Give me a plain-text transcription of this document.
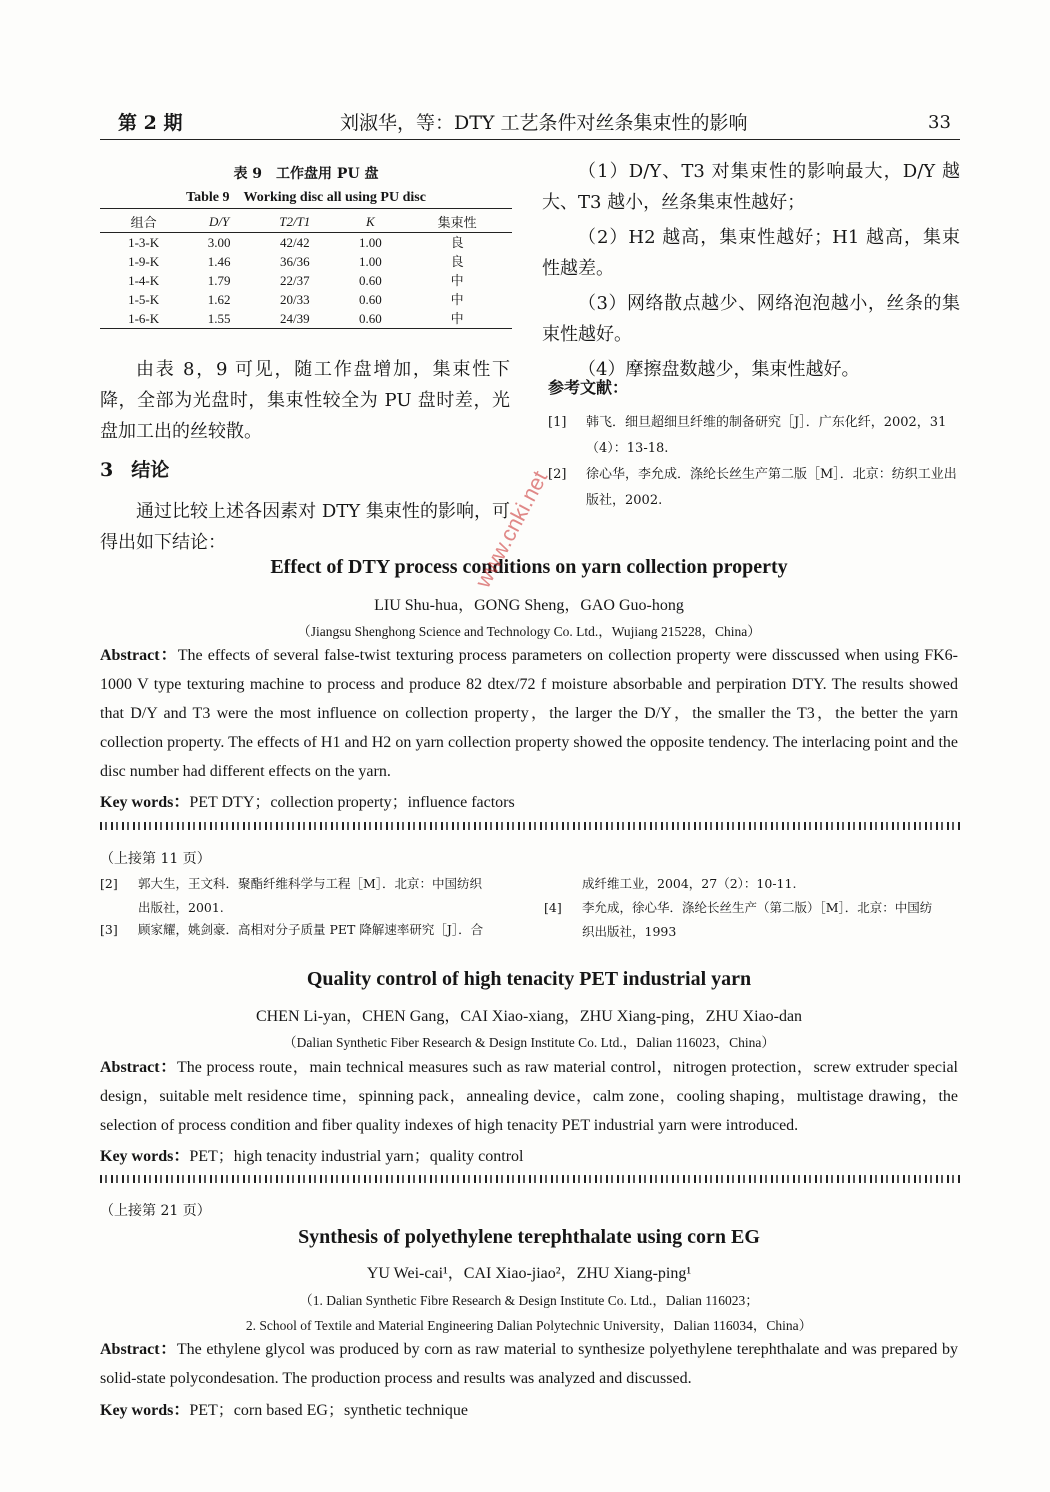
第 2 期	刘淑华，等：DTY 工艺条件对丝条集束性的影响	33
表 9　工作盘用 PU 盘
Table 9　Working disc all using PU disc
组合	D/Y	T2/T1	K	集束性
1-3-K	3.00	42/42	1.00	良
1-9-K	1.46	36/36	1.00	良
1-4-K	1.79	22/37	0.60	中
1-5-K	1.62	20/33	0.60	中
1-6-K	1.55	24/39	0.60	中
由表 8，9 可见，随工作盘增加，集束性下降，全部为光盘时，集束性较全为 PU 盘时差，光盘加工出的丝较散。
3 结论
通过比较上述各因素对 DTY 集束性的影响，可得出如下结论：

（1）D/Y、T3 对集束性的影响最大，D/Y 越大、T3 越小，丝条集束性越好；

（2）H2 越高，集束性越好；H1 越高，集束性越差。

（3）网络散点越少、网络泡泡越小，丝条的集束性越好。

（4）摩擦盘数越少，集束性越好。

参考文献：
[1] 韩飞．细旦超细旦纤维的制备研究［J］．广东化纤，2002，31
（4）：13-18.
[2] 徐心华，李允成．涤纶长丝生产第二版［M］．北京：纺织工业出
版社，2002.
Effect of DTY process conditions on yarn collection property
LIU Shu-hua，GONG Sheng，GAO Guo-hong
（Jiangsu Shenghong Science and Technology Co. Ltd.，Wujiang 215228，China）
Abstract：The effects of several false-twist texturing process parameters on collection property were disscussed when using FK6-1000 V type texturing machine to process and produce 82 dtex/72 f moisture absorbable and perpiration DTY. The results showed that D/Y and T3 were the most influence on collection property，the larger the D/Y，the smaller the T3，the better the yarn collection property. The effects of H1 and H2 on yarn collection property showed the opposite tendency. The interlacing point and the disc number had different effects on the yarn.
Key words：PET DTY；collection property；influence factors
（上接第 11 页）
[2] 郭大生，王文科．聚酯纤维科学与工程［M］．北京：中国纺织
出版社，2001.
[3] 顾家耀，姚剑豪．高相对分子质量 PET 降解速率研究［J］．合
成纤维工业，2004，27（2）：10-11.
[4] 李允成，徐心华．涤纶长丝生产（第二版）［M］．北京：中国纺
织出版社，1993
Quality control of high tenacity PET industrial yarn
CHEN Li-yan，CHEN Gang，CAI Xiao-xiang，ZHU Xiang-ping，ZHU Xiao-dan
（Dalian Synthetic Fiber Research & Design Institute Co. Ltd.，Dalian 116023，China）
Abstract：The process route，main technical measures such as raw material control，nitrogen protection，screw extruder special design，suitable melt residence time，spinning pack，annealing device，calm zone，cooling shaping，multistage drawing，the selection of process condition and fiber quality indexes of high tenacity PET industrial yarn were introduced.
Key words：PET；high tenacity industrial yarn；quality control
（上接第 21 页）
Synthesis of polyethylene terephthalate using corn EG
YU Wei-cai¹，CAI Xiao-jiao²，ZHU Xiang-ping¹
（1. Dalian Synthetic Fibre Research & Design Institute Co. Ltd.，Dalian 116023；
2. School of Textile and Material Engineering Dalian Polytechnic University，Dalian 116034，China）
Abstract：The ethylene glycol was produced by corn as raw material to synthesize polyethylene terephthalate and was prepared by solid-state polycondesation. The production process and results was analyzed and discussed.
Key words：PET；corn based EG；synthetic technique
www.cnki.net
